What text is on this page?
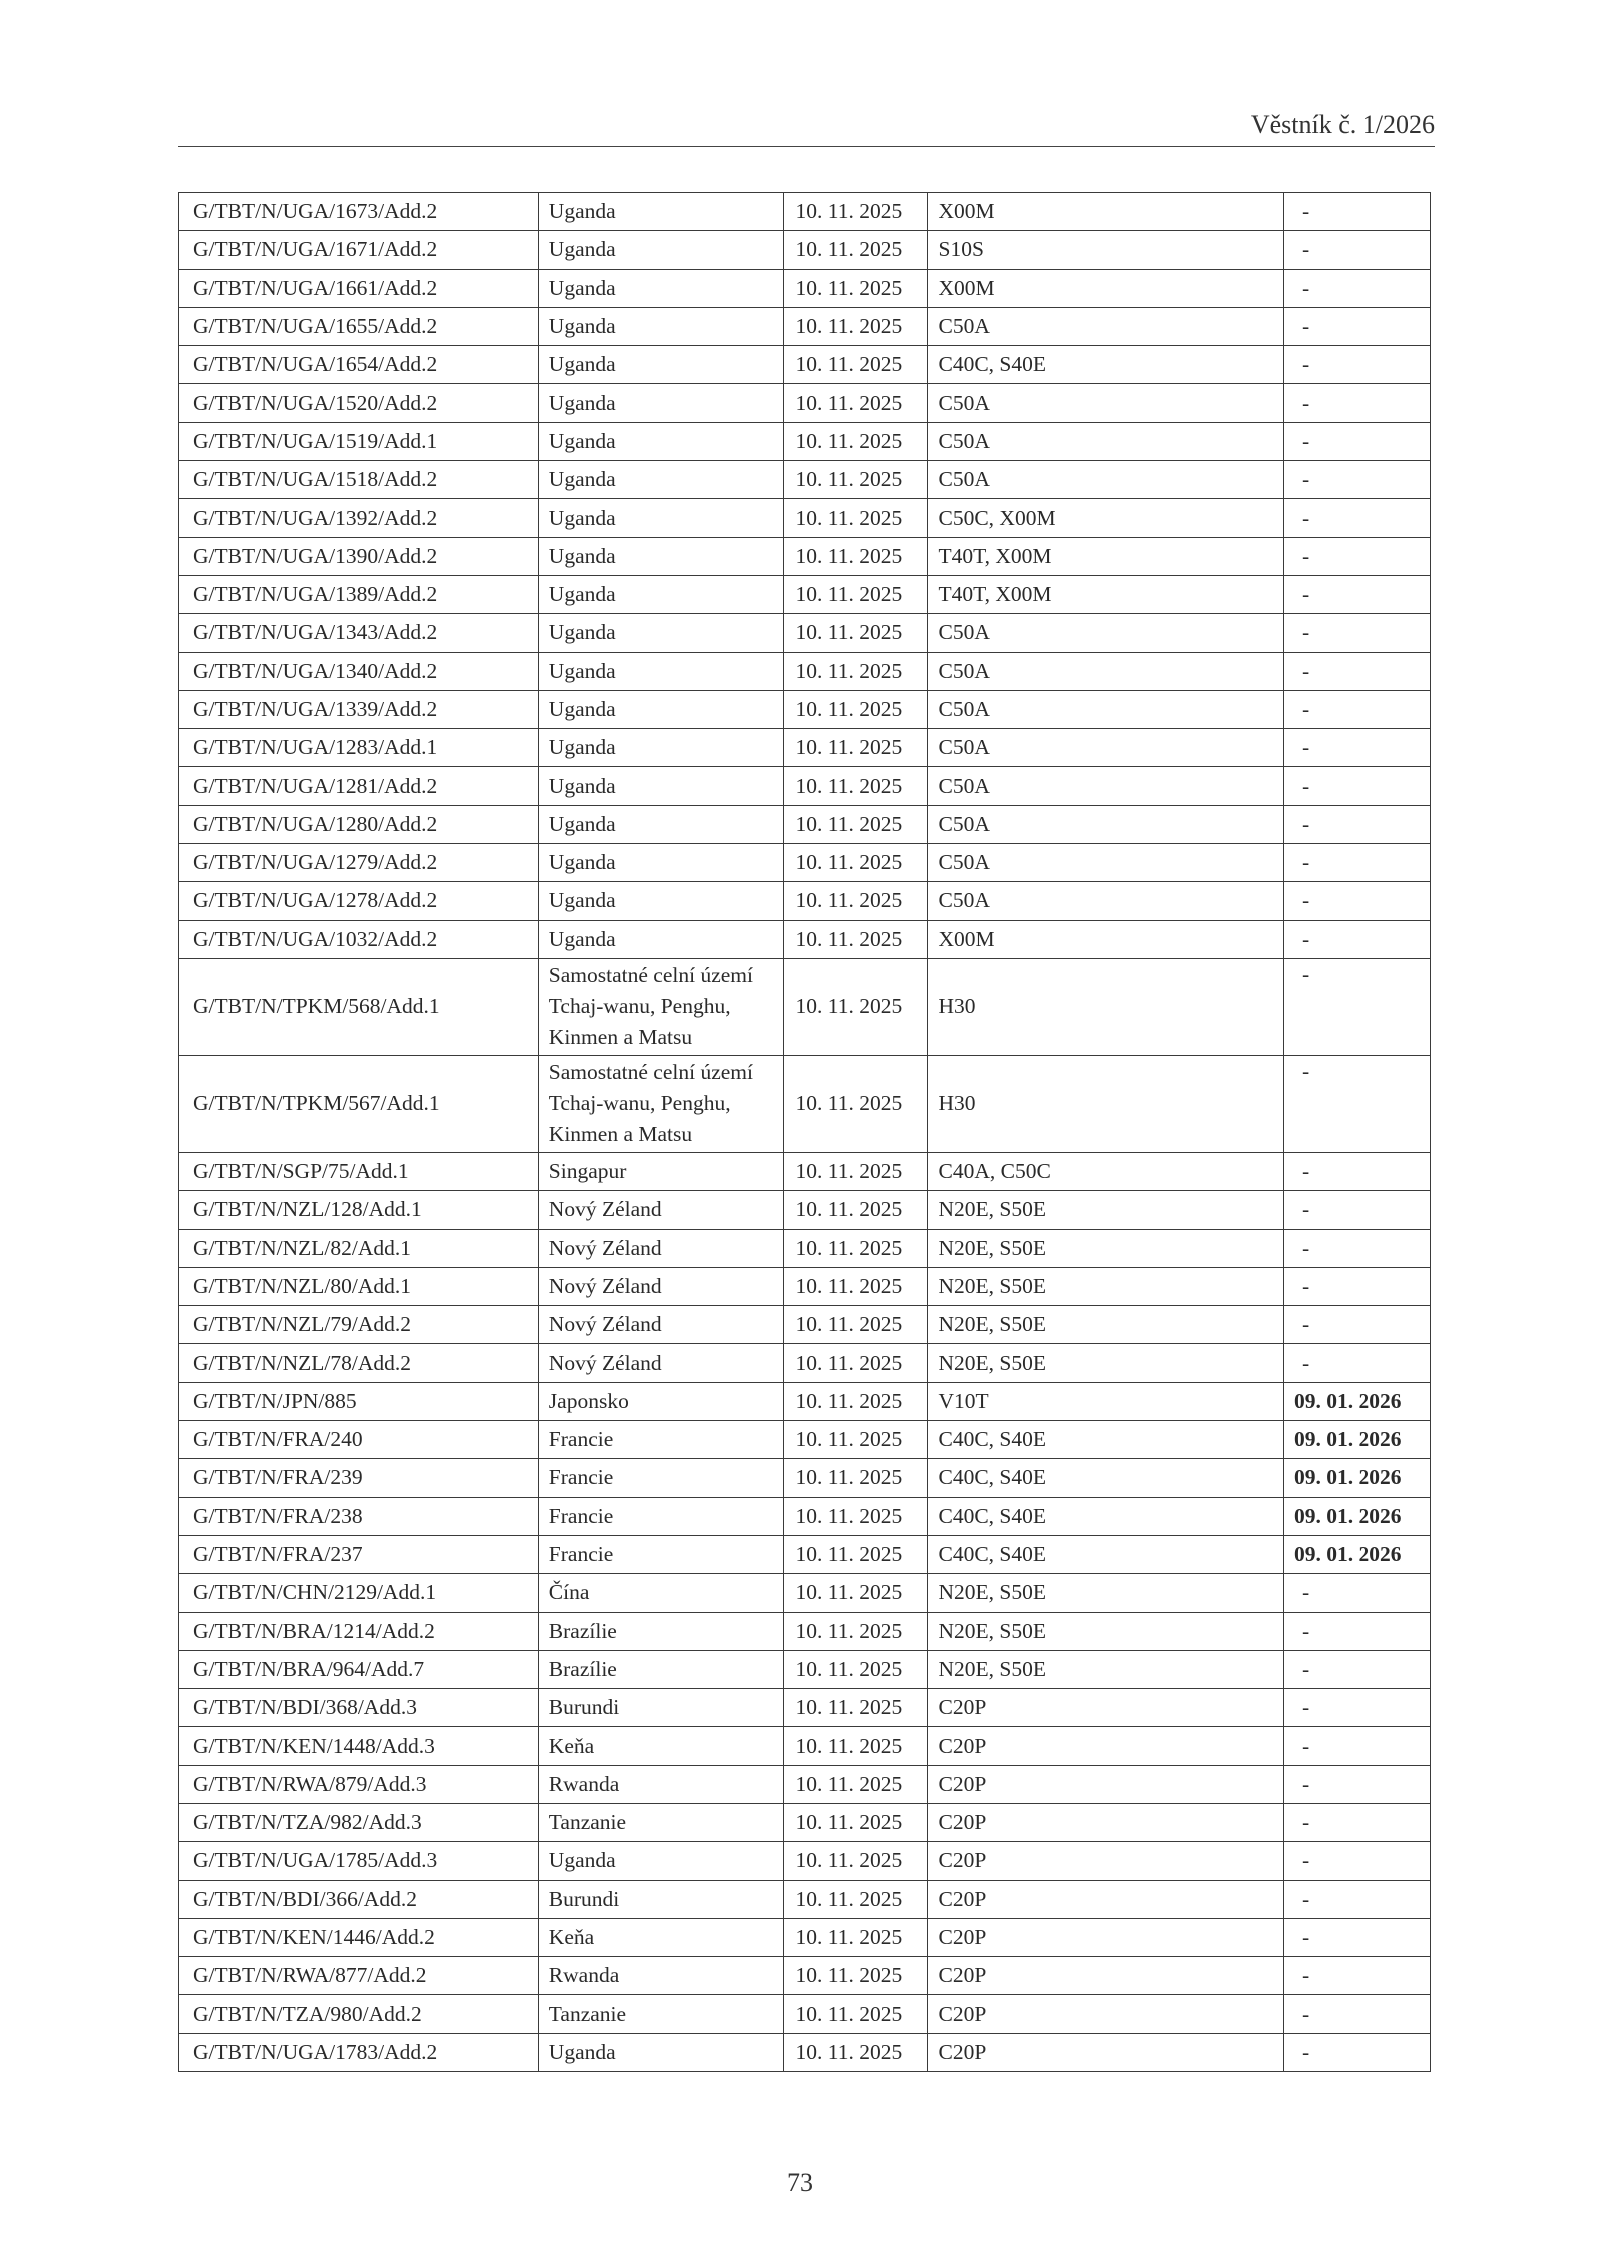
Věstník č. 1/2026
G/TBT/N/UGA/1673/Add.2	Uganda	10. 11. 2025	X00M	-
G/TBT/N/UGA/1671/Add.2	Uganda	10. 11. 2025	S10S	-
G/TBT/N/UGA/1661/Add.2	Uganda	10. 11. 2025	X00M	-
G/TBT/N/UGA/1655/Add.2	Uganda	10. 11. 2025	C50A	-
G/TBT/N/UGA/1654/Add.2	Uganda	10. 11. 2025	C40C, S40E	-
G/TBT/N/UGA/1520/Add.2	Uganda	10. 11. 2025	C50A	-
G/TBT/N/UGA/1519/Add.1	Uganda	10. 11. 2025	C50A	-
G/TBT/N/UGA/1518/Add.2	Uganda	10. 11. 2025	C50A	-
G/TBT/N/UGA/1392/Add.2	Uganda	10. 11. 2025	C50C, X00M	-
G/TBT/N/UGA/1390/Add.2	Uganda	10. 11. 2025	T40T, X00M	-
G/TBT/N/UGA/1389/Add.2	Uganda	10. 11. 2025	T40T, X00M	-
G/TBT/N/UGA/1343/Add.2	Uganda	10. 11. 2025	C50A	-
G/TBT/N/UGA/1340/Add.2	Uganda	10. 11. 2025	C50A	-
G/TBT/N/UGA/1339/Add.2	Uganda	10. 11. 2025	C50A	-
G/TBT/N/UGA/1283/Add.1	Uganda	10. 11. 2025	C50A	-
G/TBT/N/UGA/1281/Add.2	Uganda	10. 11. 2025	C50A	-
G/TBT/N/UGA/1280/Add.2	Uganda	10. 11. 2025	C50A	-
G/TBT/N/UGA/1279/Add.2	Uganda	10. 11. 2025	C50A	-
G/TBT/N/UGA/1278/Add.2	Uganda	10. 11. 2025	C50A	-
G/TBT/N/UGA/1032/Add.2	Uganda	10. 11. 2025	X00M	-
G/TBT/N/TPKM/568/Add.1	Samostatné celní území Tchaj-wanu, Penghu, Kinmen a Matsu	10. 11. 2025	H30	-
G/TBT/N/TPKM/567/Add.1	Samostatné celní území Tchaj-wanu, Penghu, Kinmen a Matsu	10. 11. 2025	H30	-
G/TBT/N/SGP/75/Add.1	Singapur	10. 11. 2025	C40A, C50C	-
G/TBT/N/NZL/128/Add.1	Nový Zéland	10. 11. 2025	N20E, S50E	-
G/TBT/N/NZL/82/Add.1	Nový Zéland	10. 11. 2025	N20E, S50E	-
G/TBT/N/NZL/80/Add.1	Nový Zéland	10. 11. 2025	N20E, S50E	-
G/TBT/N/NZL/79/Add.2	Nový Zéland	10. 11. 2025	N20E, S50E	-
G/TBT/N/NZL/78/Add.2	Nový Zéland	10. 11. 2025	N20E, S50E	-
G/TBT/N/JPN/885	Japonsko	10. 11. 2025	V10T	09. 01. 2026
G/TBT/N/FRA/240	Francie	10. 11. 2025	C40C, S40E	09. 01. 2026
G/TBT/N/FRA/239	Francie	10. 11. 2025	C40C, S40E	09. 01. 2026
G/TBT/N/FRA/238	Francie	10. 11. 2025	C40C, S40E	09. 01. 2026
G/TBT/N/FRA/237	Francie	10. 11. 2025	C40C, S40E	09. 01. 2026
G/TBT/N/CHN/2129/Add.1	Čína	10. 11. 2025	N20E, S50E	-
G/TBT/N/BRA/1214/Add.2	Brazílie	10. 11. 2025	N20E, S50E	-
G/TBT/N/BRA/964/Add.7	Brazílie	10. 11. 2025	N20E, S50E	-
G/TBT/N/BDI/368/Add.3	Burundi	10. 11. 2025	C20P	-
G/TBT/N/KEN/1448/Add.3	Keňa	10. 11. 2025	C20P	-
G/TBT/N/RWA/879/Add.3	Rwanda	10. 11. 2025	C20P	-
G/TBT/N/TZA/982/Add.3	Tanzanie	10. 11. 2025	C20P	-
G/TBT/N/UGA/1785/Add.3	Uganda	10. 11. 2025	C20P	-
G/TBT/N/BDI/366/Add.2	Burundi	10. 11. 2025	C20P	-
G/TBT/N/KEN/1446/Add.2	Keňa	10. 11. 2025	C20P	-
G/TBT/N/RWA/877/Add.2	Rwanda	10. 11. 2025	C20P	-
G/TBT/N/TZA/980/Add.2	Tanzanie	10. 11. 2025	C20P	-
G/TBT/N/UGA/1783/Add.2	Uganda	10. 11. 2025	C20P	-
73
